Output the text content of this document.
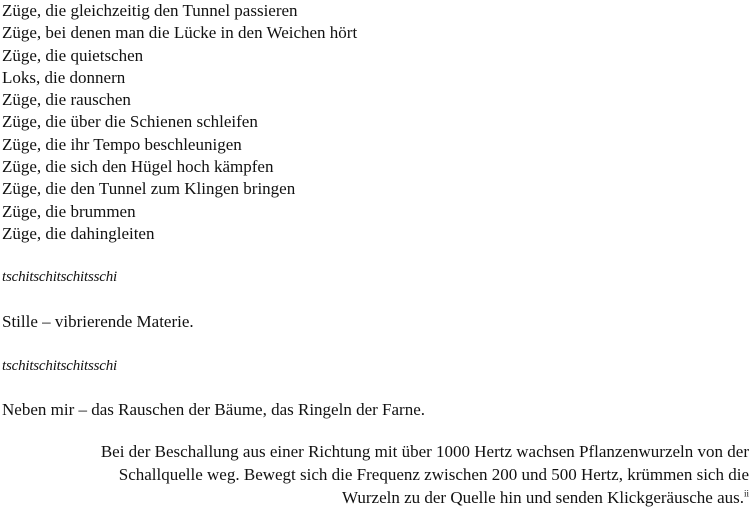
Züge, die gleichzeitig den Tunnel passieren
Züge, bei denen man die Lücke in den Weichen hört
Züge, die quietschen
Loks, die donnern
Züge, die rauschen
Züge, die über die Schienen schleifen
Züge, die ihr Tempo beschleunigen
Züge, die sich den Hügel hoch kämpfen
Züge, die den Tunnel zum Klingen bringen
Züge, die brummen
Züge, die dahingleiten
tschitschitschitsschi
Stille – vibrierende Materie.
tschitschitschitsschi
Neben mir – das Rauschen der Bäume, das Ringeln der Farne.
Bei der Beschallung aus einer Richtung mit über 1000 Hertz wachsen Pflanzenwurzeln von der
Schallquelle weg. Bewegt sich die Frequenz zwischen 200 und 500 Hertz, krümmen sich die
Wurzeln zu der Quelle hin und senden Klickgeräusche aus.$^{ii}$
